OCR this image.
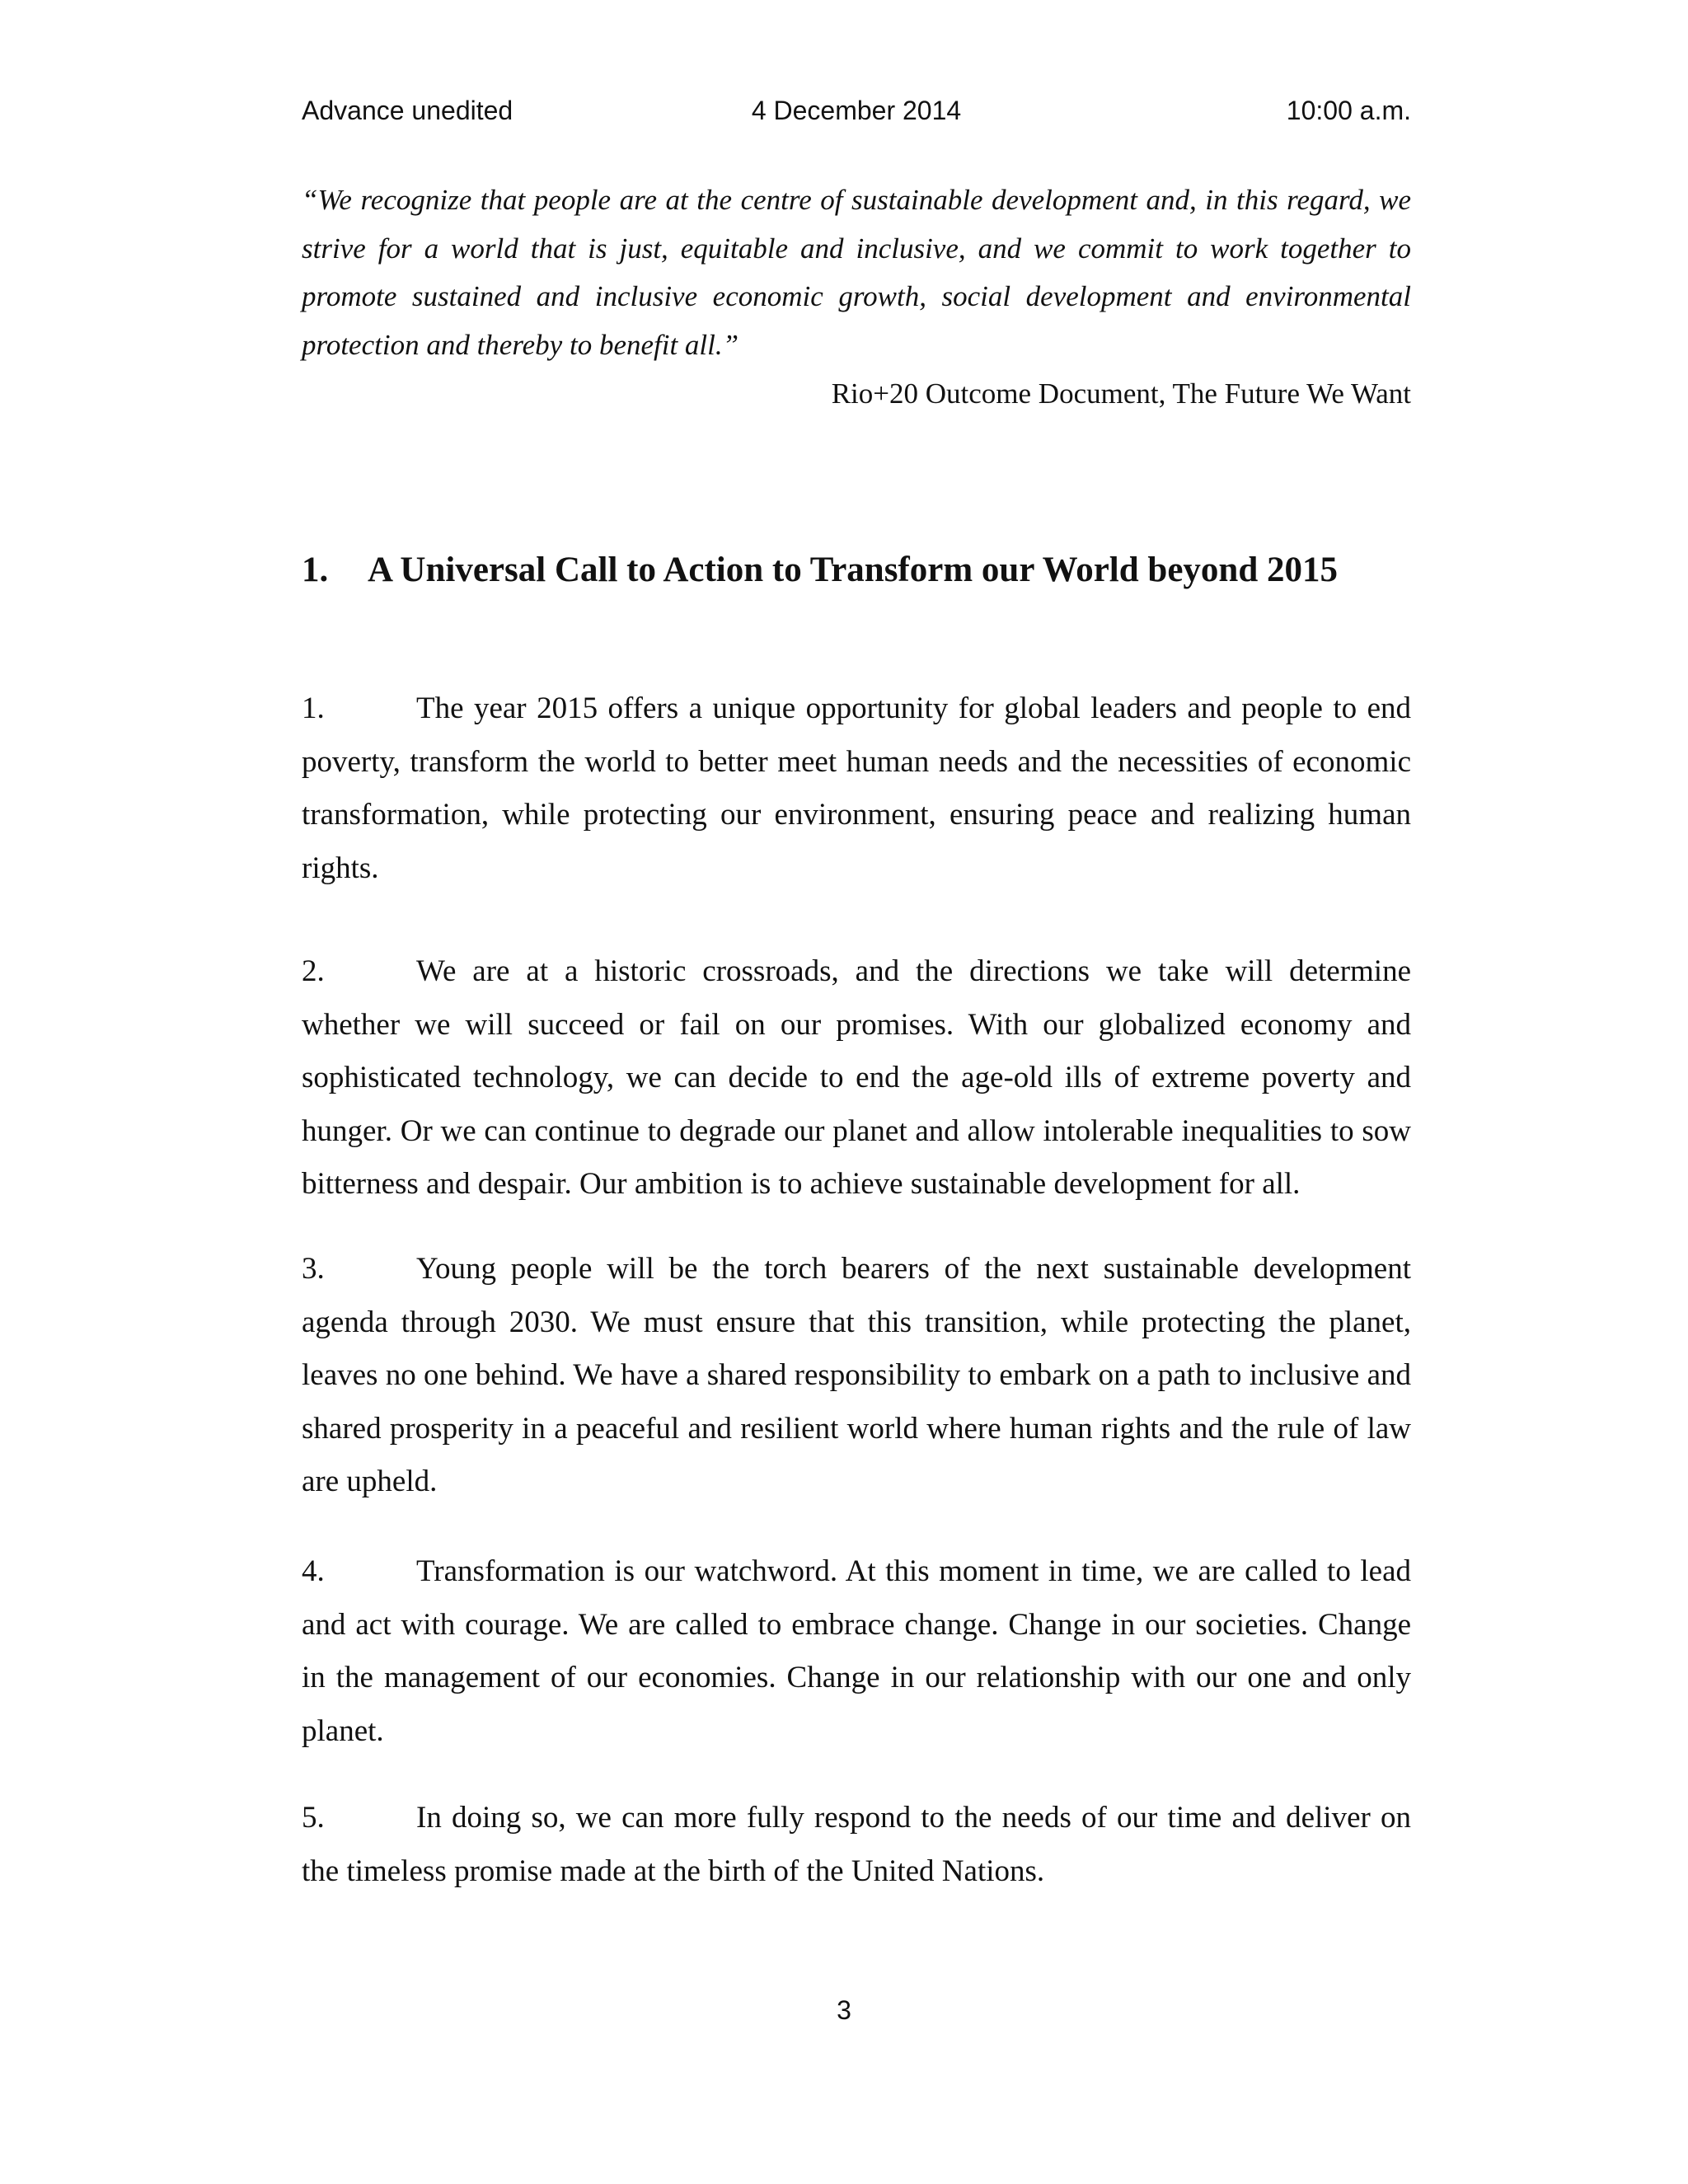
Advance unedited	4 December 2014	10:00 a.m.

“We recognize that people are at the centre of sustainable development and, in this regard, we strive for a world that is just, equitable and inclusive, and we commit to work together to promote sustained and inclusive economic growth, social development and environmental protection and thereby to benefit all.”

Rio+20 Outcome Document, The Future We Want

1. A Universal Call to Action to Transform our World beyond 2015

1.	The year 2015 offers a unique opportunity for global leaders and people to end poverty, transform the world to better meet human needs and the necessities of economic transformation, while protecting our environment, ensuring peace and realizing human rights.

2.	We are at a historic crossroads, and the directions we take will determine whether we will succeed or fail on our promises. With our globalized economy and sophisticated technology, we can decide to end the age-old ills of extreme poverty and hunger. Or we can continue to degrade our planet and allow intolerable inequalities to sow bitterness and despair. Our ambition is to achieve sustainable development for all.

3.	Young people will be the torch bearers of the next sustainable development agenda through 2030. We must ensure that this transition, while protecting the planet, leaves no one behind. We have a shared responsibility to embark on a path to inclusive and shared prosperity in a peaceful and resilient world where human rights and the rule of law are upheld.

4.	Transformation is our watchword. At this moment in time, we are called to lead and act with courage. We are called to embrace change. Change in our societies. Change in the management of our economies. Change in our relationship with our one and only planet.

5.	In doing so, we can more fully respond to the needs of our time and deliver on the timeless promise made at the birth of the United Nations.

3
